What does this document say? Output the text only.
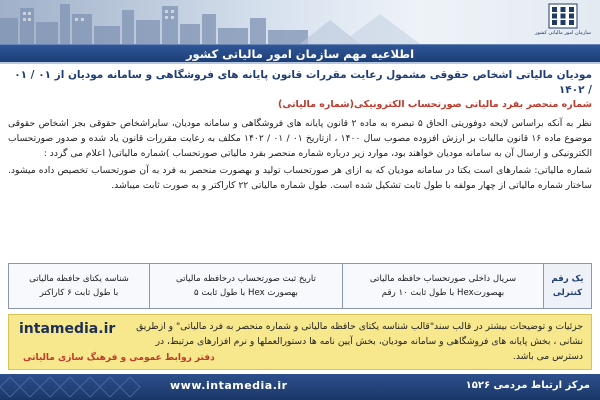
سازمان امور مالیاتی کشور
اطلاعیه مهم سازمان امور مالیاتی کشور
مودیان مالیاتی اشخاص حقوقی مشمول رعایت مقررات قانون پایانه های فروشگاهی و سامانه مودیان از ۰۱ / ۰۱ / ۱۴۰۲
شماره منحصر بفرد مالیاتی صورتحساب الکترونیکی(شماره مالیاتی)

نظر به آنکه براساس لایحه دوفوریتی الحاق ۵ تبصره به ماده ۲ قانون پایانه های فروشگاهی و سامانه مودیان، سایراشخاص حقوقی بجز اشخاص حقوقی موضوع ماده ۱۶ قانون مالیات بر ارزش افزوده مصوب سال ۱۴۰۰ ، ازتاریخ ۰۱ / ۰۱ / ۱۴۰۲ مکلف به رعایت مقررات قانون یاد شده و صدور صورتحساب الکترونیکی و ارسال آن به سامانه مودیان خواهند بود، موارد زیر درباره شماره منحصر بفرد مالیاتی صورتحساب )شماره مالیاتی( اعلام می گردد :

شماره مالیاتی: شمارهای است یکتا در سامانه مودیان که به ازای هر صورتحساب تولید و بهصورت منحصر به فرد به آن صورتحساب تخصیص داده میشود. ساختار شماره مالیاتی از چهار مولفه با طول ثابت تشکیل شده است. طول شماره مالیاتی ۲۲ کاراکتر و به صورت ثابت میباشد.

یک رقم
کنترلی

سریال داخلی صورتحساب حافظه مالیاتی
بهصورتHex با طول ثابت ۱۰ رقم

تاریخ ثبت صورتحساب درحافظه مالیاتی
بهصورت Hex با طول ثابت ۵

شناسه یکتای حافظه مالیاتی
با طول ثابت ۶ کاراکتر
جزئیات و توضیحات بیشتر در قالب سند"قالب شناسه یکتای حافظه مالیاتی و شماره منحصر به فرد مالیاتی" و ازطریق نشانی ، بخش پایانه های فروشگاهی و سامانه مودیان، بخش آیین نامه ها دستورالعملها و نرم افزارهای مرتبط، در دسترس می باشد.
intamedia.ir
دفتر روابط عمومی و فرهنگ سازی مالیاتی
www.intamedia.ir	مرکز ارتباط مردمی ۱۵۲۶
